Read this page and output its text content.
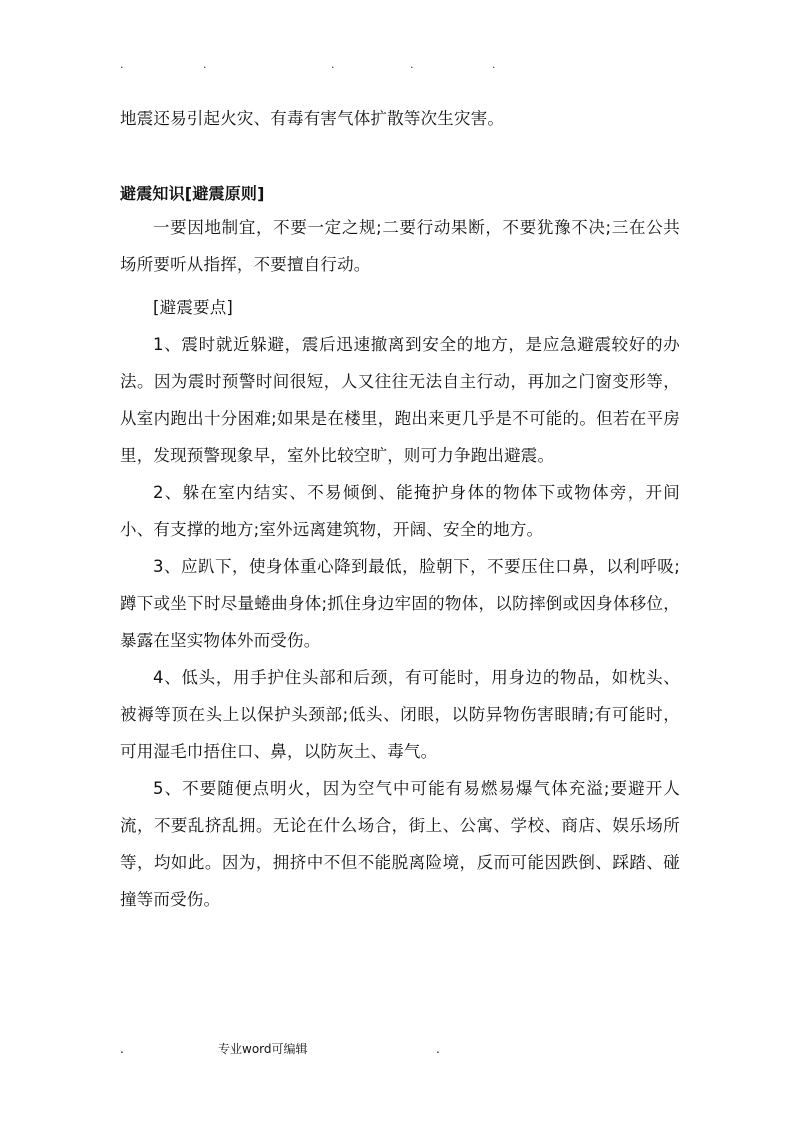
.	.	.	.	.

地震还易引起火灾、有毒有害气体扩散等次生灾害。

避震知识[避震原则]

一要因地制宜，不要一定之规;二要行动果断，不要犹豫不决;三在公共场所要听从指挥，不要擅自行动。

[避震要点]

1、震时就近躲避，震后迅速撤离到安全的地方，是应急避震较好的办法。因为震时预警时间很短，人又往往无法自主行动，再加之门窗变形等，从室内跑出十分困难;如果是在楼里，跑出来更几乎是不可能的。但若在平房里，发现预警现象早，室外比较空旷，则可力争跑出避震。

2、躲在室内结实、不易倾倒、能掩护身体的物体下或物体旁，开间小、有支撑的地方;室外远离建筑物，开阔、安全的地方。

3、应趴下，使身体重心降到最低，脸朝下，不要压住口鼻，以利呼吸;蹲下或坐下时尽量蜷曲身体;抓住身边牢固的物体，以防摔倒或因身体移位，暴露在坚实物体外而受伤。

4、低头，用手护住头部和后颈，有可能时，用身边的物品，如枕头、被褥等顶在头上以保护头颈部;低头、闭眼，以防异物伤害眼睛;有可能时，可用湿毛巾捂住口、鼻，以防灰土、毒气。

5、不要随便点明火，因为空气中可能有易燃易爆气体充溢;要避开人流，不要乱挤乱拥。无论在什么场合，街上、公寓、学校、商店、娱乐场所等，均如此。因为，拥挤中不但不能脱离险境，反而可能因跌倒、踩踏、碰撞等而受伤。

.	专业word可编辑	.
